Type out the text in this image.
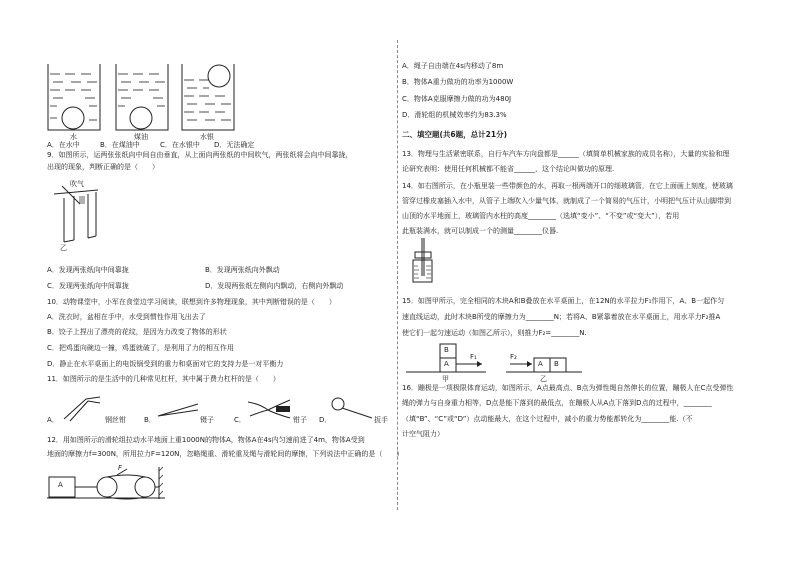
水	煤油	水银
A．在水中	B．在煤油中	C．在水银中 D．无法确定
9．如图所示，运两张张纸向中间自由垂直，从上面向两张纸的中间吹气，两张纸将会向中间靠拢，
出现的现象，判断正确的是（　　）
吹气
乙
A．发现两张纸向中间靠拢	B．发现两张纸向外飘动
C．发现两张纸向中间靠拢	D．发现两张纸左侧向内飘动，右侧向外飘动
10．动物课堂中，小军在食堂边学习阅读，联想到许多物理现象，其中判断错误的是（　　）
A．洗衣时，盆相在手中，水受到惯性作用飞出去了
B．饺子上捏出了漂亮的花纹，是因为力改变了物体的形状
C．把鸡蛋向碗边一撞，鸡蛋就破了，是利用了力的相互作用
D．静止在水平桌面上的电饭锅受到的重力和桌面对它的支持力是一对平衡力
11．如图所示的是生活中的几种常见杠杆，其中属于费力杠杆的是（　　）
A．	钢丝钳	B．	镊子	C．	钳子 D．	扳手
12．用如图所示的滑轮组拉动水平地面上重1000N的物体A，物体A在4s内匀速前进了4m，物体A受到
地面的摩擦力f=300N，所用拉力F=120N，忽略绳重、滑轮重及绳与滑轮间的摩擦，下列说法中正确的是（　　）
A
F
A．绳子自由端在4s内移动了8m
B．物体A重力做功的功率为1000W
C．物体A克服摩擦力做的功为480J
D．滑轮组的机械效率约为83.3%
二、填空题(共6题，总计21分)
13．物理与生活紧密联系，自行车汽车方向盘都是______（填简单机械家族的成员名称），大量的实验和理
论研究表明：使用任何机械都不能省______，这个结论叫做功的原理.
14．如右图所示，在小瓶里装一些带颜色的水，再取一根两端开口的细玻璃管，在它上面画上刻度，使玻璃
管穿过橡皮塞插入水中，从管子上端吹入少量气体，就制成了一个简易的气压计，小明把气压计从山脚带到
山顶的水平地面上，玻璃管内水柱的高度________（选填“变小”、“不变”或“变大”），若用
此瓶装满水，就可以制成一个的测量________仪器.
15．如图甲所示，完全相同的木块A和B叠放在水平桌面上，在12N的水平拉力F₁作用下，A、B一起作匀
速直线运动，此时木块B所受的摩擦力为________N；若将A、B紧靠着放在水平桌面上，用水平力F₂推A
使它们一起匀速运动（如图乙所示），则推力F₂=________N.
B
A
F₁	F₂
A B
甲	乙
16．蹦极是一项极限体育运动，如图所示，A点最高点、B点为弹性绳自然伸长的位置，蹦极人在C点受弹性
绳的弹力与自身重力相等，D点是能下落到的最低点，在蹦极人从A点下落到D点的过程中，________
（填“B”、“C”或“D”）点动能最大，在这个过程中，减小的重力势能都转化为________能.（不
计空气阻力）
